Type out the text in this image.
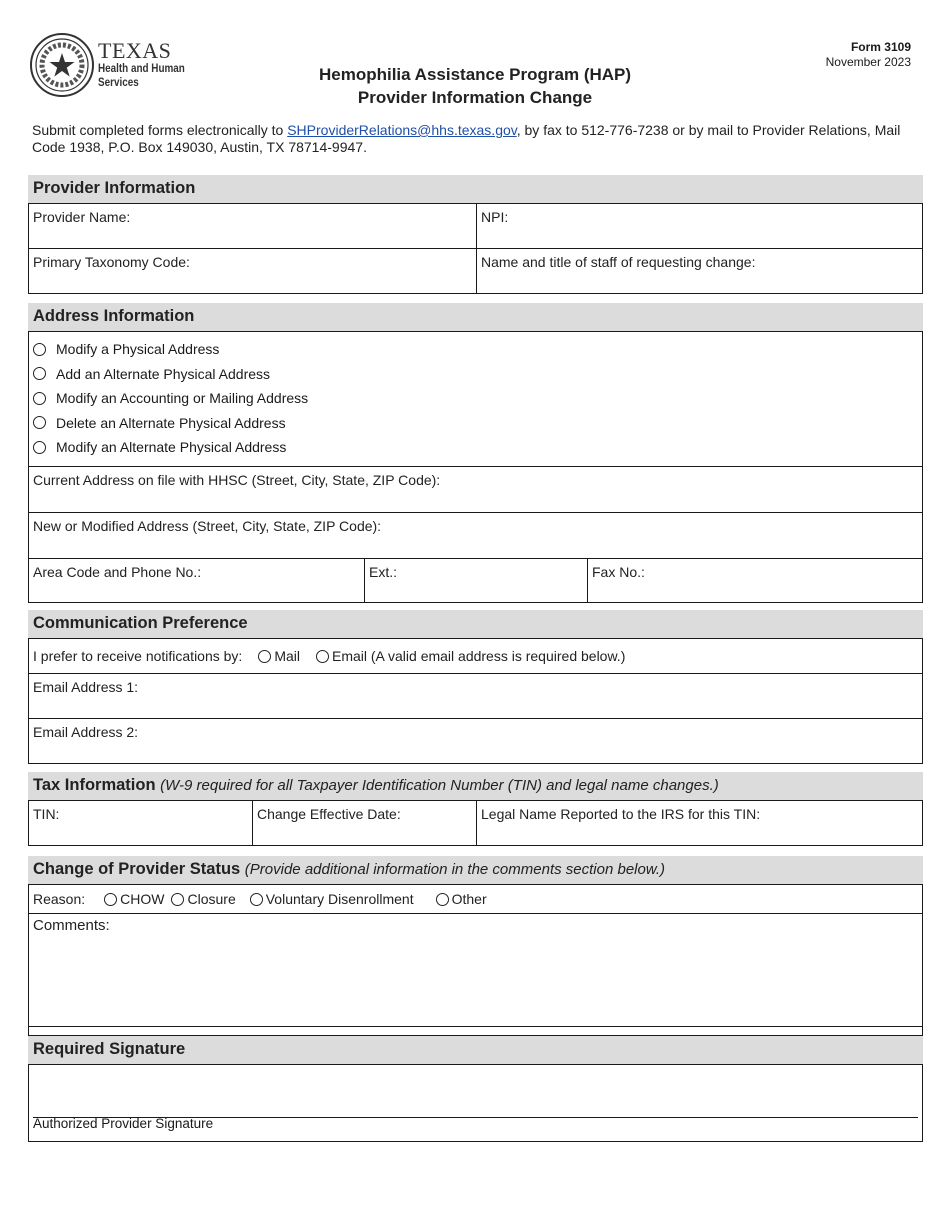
TEXAS
Health and Human
Services	Hemophilia Assistance Program (HAP)
Provider Information Change
Form 3109
November 2023
Submit completed forms electronically to SHProviderRelations@hhs.texas.gov, by fax to 512-776-7238 or by mail to Provider Relations, Mail Code 1938, P.O. Box 149030, Austin, TX 78714-9947.
Provider Information
Provider Name:	NPI:
Primary Taxonomy Code:	Name and title of staff of requesting change:
Address Information
Modify a Physical Address
Add an Alternate Physical Address
Modify an Accounting or Mailing Address
Delete an Alternate Physical Address
Modify an Alternate Physical Address
Current Address on file with HHSC (Street, City, State, ZIP Code):
New or Modified Address (Street, City, State, ZIP Code):
Area Code and Phone No.:	Ext.:	Fax No.:
Communication Preference
I prefer to receive notifications by: Mail Email (A valid email address is required below.)
Email Address 1:
Email Address 2:
Tax Information (W-9 required for all Taxpayer Identification Number (TIN) and legal name changes.)
TIN:	Change Effective Date:	Legal Name Reported to the IRS for this TIN:
Change of Provider Status (Provide additional information in the comments section below.)
Reason:	CHOW Closure Voluntary Disenrollment	Other
Comments:
Required Signature
Authorized Provider Signature
